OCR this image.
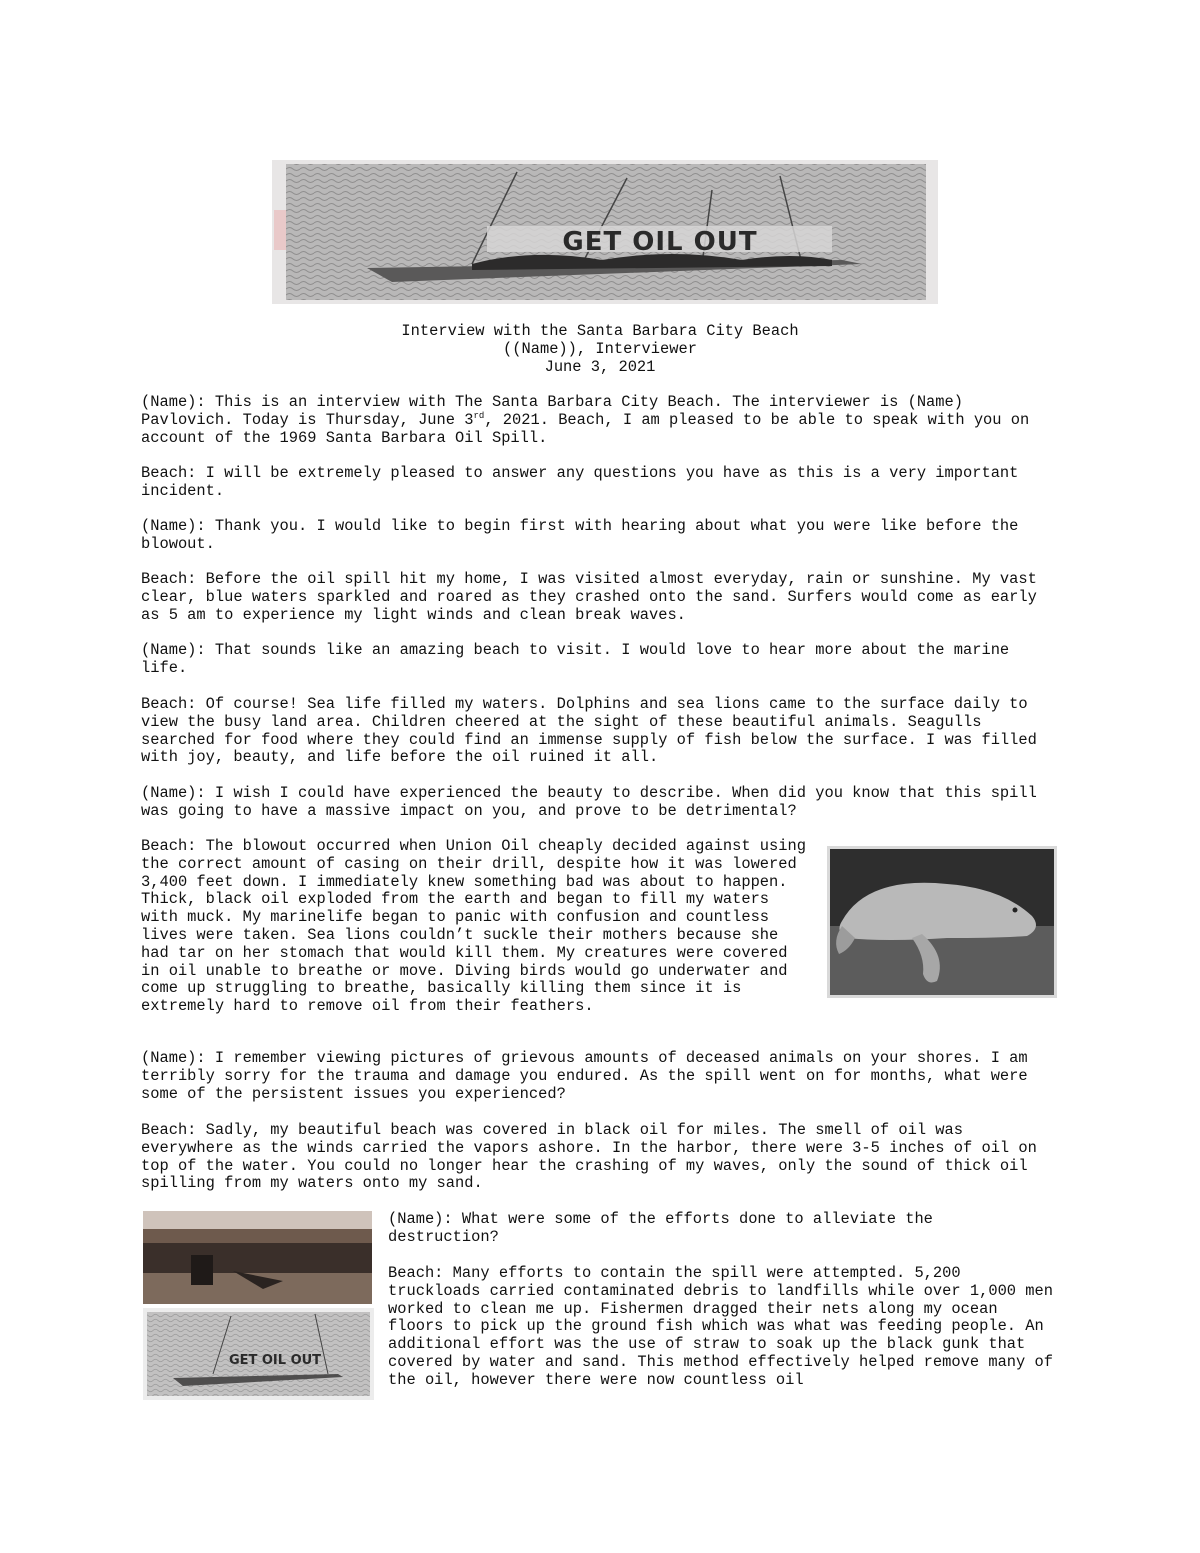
GET OIL OUT
Interview with the Santa Barbara City Beach
((Name)), Interviewer
June 3, 2021

(Name): This is an interview with The Santa Barbara City Beach. The interviewer is (Name) Pavlovich. Today is Thursday, June 3rd, 2021. Beach, I am pleased to be able to speak with you on account of the 1969 Santa Barbara Oil Spill.

Beach: I will be extremely pleased to answer any questions you have as this is a very important incident.

(Name): Thank you. I would like to begin first with hearing about what you were like before the blowout.

Beach: Before the oil spill hit my home, I was visited almost everyday, rain or sunshine. My vast clear, blue waters sparkled and roared as they crashed onto the sand. Surfers would come as early as 5 am to experience my light winds and clean break waves.

(Name): That sounds like an amazing beach to visit. I would love to hear more about the marine life.

Beach: Of course! Sea life filled my waters. Dolphins and sea lions came to the surface daily to view the busy land area. Children cheered at the sight of these beautiful animals. Seagulls searched for food where they could find an immense supply of fish below the surface. I was filled with joy, beauty, and life before the oil ruined it all.

(Name): I wish I could have experienced the beauty to describe. When did you know that this spill was going to have a massive impact on you, and prove to be detrimental?

Beach: The blowout occurred when Union Oil cheaply decided against using the correct amount of casing on their drill, despite how it was lowered 3,400 feet down. I immediately knew something bad was about to happen. Thick, black oil exploded from the earth and began to fill my waters with muck. My marinelife began to panic with confusion and countless lives were taken. Sea lions couldn’t suckle their mothers because she had tar on her stomach that would kill them. My creatures were covered in oil unable to breathe or move. Diving birds would go underwater and come up struggling to breathe, basically killing them since it is extremely hard to remove oil from their feathers.

(Name): I remember viewing pictures of grievous amounts of deceased animals on your shores. I am terribly sorry for the trauma and damage you endured. As the spill went on for months, what were some of the persistent issues you experienced?

Beach: Sadly, my beautiful beach was covered in black oil for miles. The smell of oil was everywhere as the winds carried the vapors ashore. In the harbor, there were 3-5 inches of oil on top of the water. You could no longer hear the crashing of my waves, only the sound of thick oil spilling from my waters onto my sand.

GET OIL OUT

(Name): What were some of the efforts done to alleviate the destruction?

Beach: Many efforts to contain the spill were attempted. 5,200 truckloads carried contaminated debris to landfills while over 1,000 men worked to clean me up. Fishermen dragged their nets along my ocean floors to pick up the ground fish which was what was feeding people. An additional effort was the use of straw to soak up the black gunk that covered by water and sand. This method effectively helped remove many of the oil, however there were now countless oil
